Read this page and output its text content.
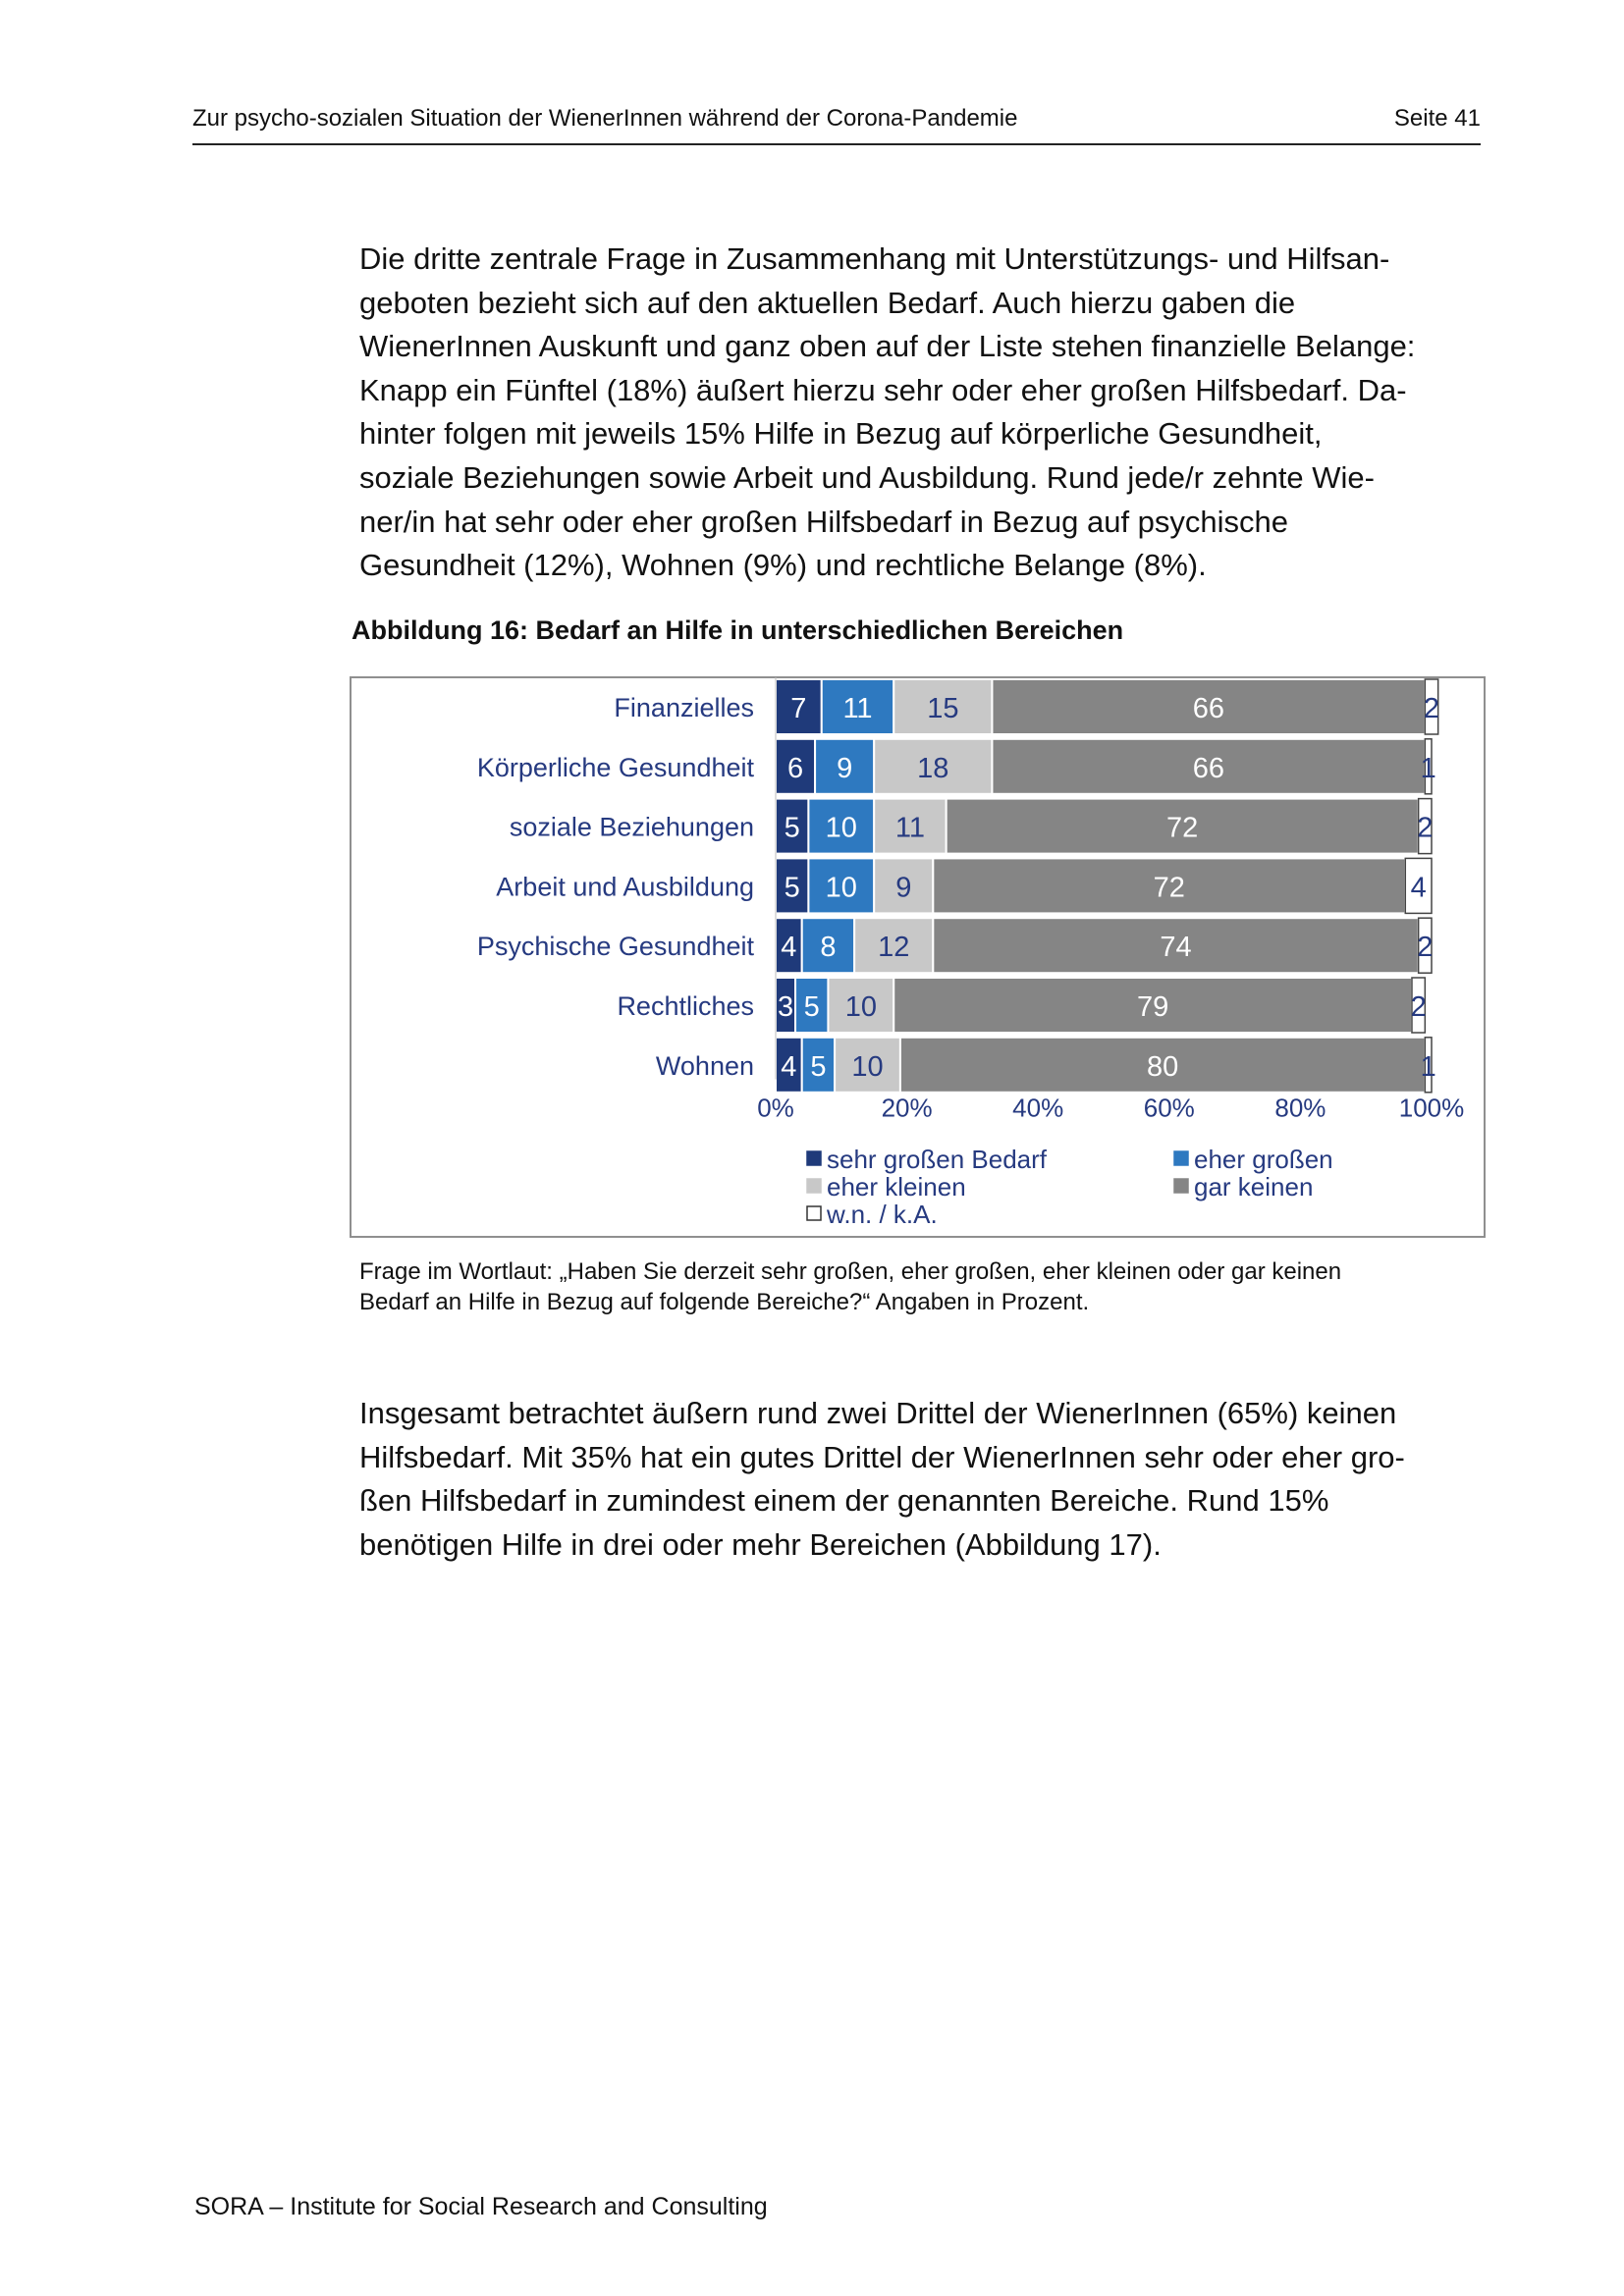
Zur psycho-sozialen Situation der WienerInnen während der Corona-Pandemie	Seite 41

Die dritte zentrale Frage in Zusammenhang mit Unterstützungs- und Hilfsan-
geboten bezieht sich auf den aktuellen Bedarf. Auch hierzu gaben die
WienerInnen Auskunft und ganz oben auf der Liste stehen finanzielle Belange:
Knapp ein Fünftel (18%) äußert hierzu sehr oder eher großen Hilfsbedarf. Da-
hinter folgen mit jeweils 15% Hilfe in Bezug auf körperliche Gesundheit,
soziale Beziehungen sowie Arbeit und Ausbildung. Rund jede/r zehnte Wie-
ner/in hat sehr oder eher großen Hilfsbedarf in Bezug auf psychische
Gesundheit (12%), Wohnen (9%) und rechtliche Belange (8%).

Abbildung 16: Bedarf an Hilfe in unterschiedlichen Bereichen
Finanzielles 7 11 15	66	2
Körperliche Gesundheit 6 9 18	66	1
soziale Beziehungen 5 10 11	72	2
Arbeit und Ausbildung 5 10 9	72	4
Psychische Gesundheit 4 8 12	74	2
Rechtliches 3 5 10	79	2
Wohnen 4 5 10	80	1
0%	20%	40%	60%	80%	100%
sehr großen Bedarf	eher großen
eher kleinen	gar keinen
w.n. / k.A.
Frage im Wortlaut: „Haben Sie derzeit sehr großen, eher großen, eher kleinen oder gar keinen
Bedarf an Hilfe in Bezug auf folgende Bereiche?“ Angaben in Prozent.

Insgesamt betrachtet äußern rund zwei Drittel der WienerInnen (65%) keinen
Hilfsbedarf. Mit 35% hat ein gutes Drittel der WienerInnen sehr oder eher gro-
ßen Hilfsbedarf in zumindest einem der genannten Bereiche. Rund 15%
benötigen Hilfe in drei oder mehr Bereichen (Abbildung 17).

SORA – Institute for Social Research and Consulting
